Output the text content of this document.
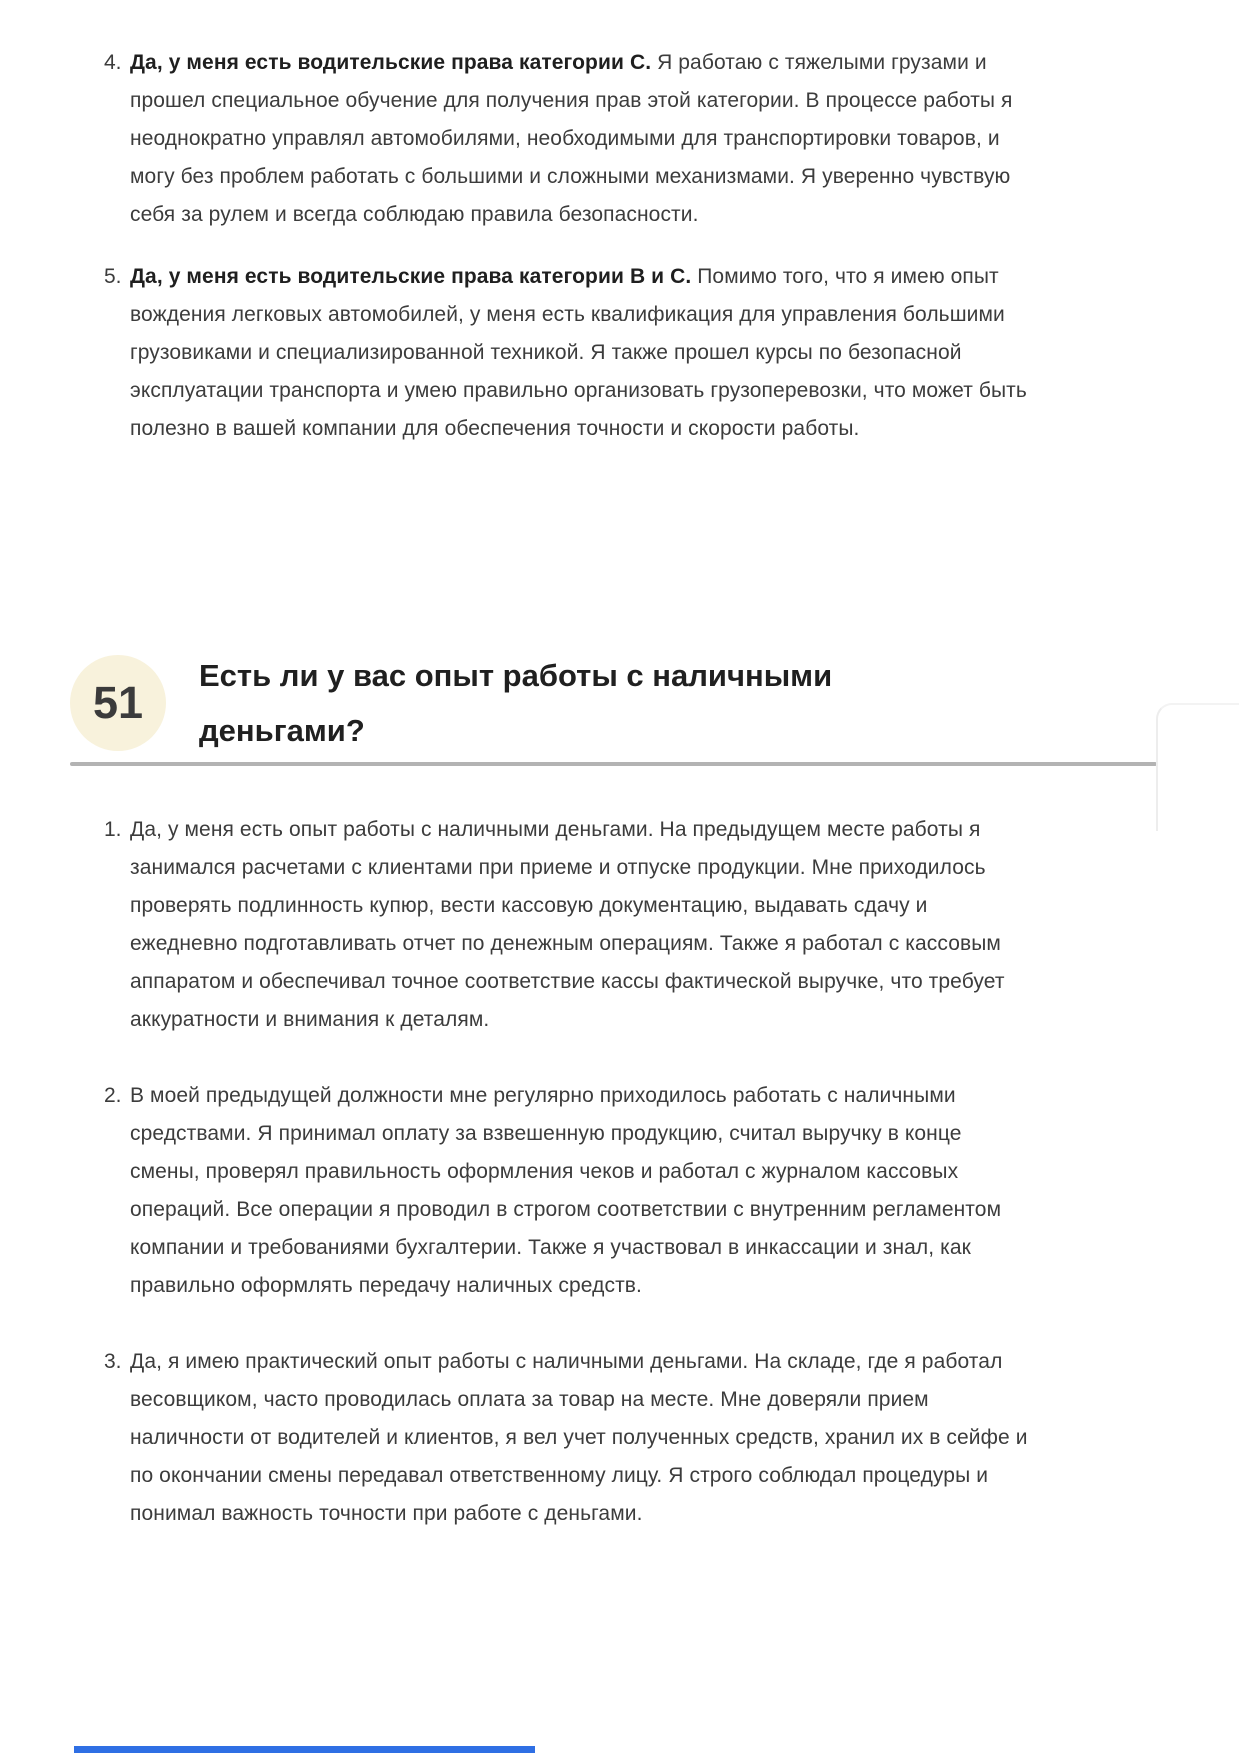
4. Да, у меня есть водительские права категории C. Я работаю с тяжелыми грузами и прошел специальное обучение для получения прав этой категории. В процессе работы я неоднократно управлял автомобилями, необходимыми для транспортировки товаров, и могу без проблем работать с большими и сложными механизмами. Я уверенно чувствую себя за рулем и всегда соблюдаю правила безопасности.

5. Да, у меня есть водительские права категории B и C. Помимо того, что я имею опыт вождения легковых автомобилей, у меня есть квалификация для управления большими грузовиками и специализированной техникой. Я также прошел курсы по безопасной эксплуатации транспорта и умею правильно организовать грузоперевозки, что может быть полезно в вашей компании для обеспечения точности и скорости работы.

51
Есть ли у вас опыт работы с наличными деньгами?
1. Да, у меня есть опыт работы с наличными деньгами. На предыдущем месте работы я занимался расчетами с клиентами при приеме и отпуске продукции. Мне приходилось проверять подлинность купюр, вести кассовую документацию, выдавать сдачу и ежедневно подготавливать отчет по денежным операциям. Также я работал с кассовым аппаратом и обеспечивал точное соответствие кассы фактической выручке, что требует аккуратности и внимания к деталям.

2. В моей предыдущей должности мне регулярно приходилось работать с наличными средствами. Я принимал оплату за взвешенную продукцию, считал выручку в конце смены, проверял правильность оформления чеков и работал с журналом кассовых операций. Все операции я проводил в строгом соответствии с внутренним регламентом компании и требованиями бухгалтерии. Также я участвовал в инкассации и знал, как правильно оформлять передачу наличных средств.

3. Да, я имею практический опыт работы с наличными деньгами. На складе, где я работал весовщиком, часто проводилась оплата за товар на месте. Мне доверяли прием наличности от водителей и клиентов, я вел учет полученных средств, хранил их в сейфе и по окончании смены передавал ответственному лицу. Я строго соблюдал процедуры и понимал важность точности при работе с деньгами.
